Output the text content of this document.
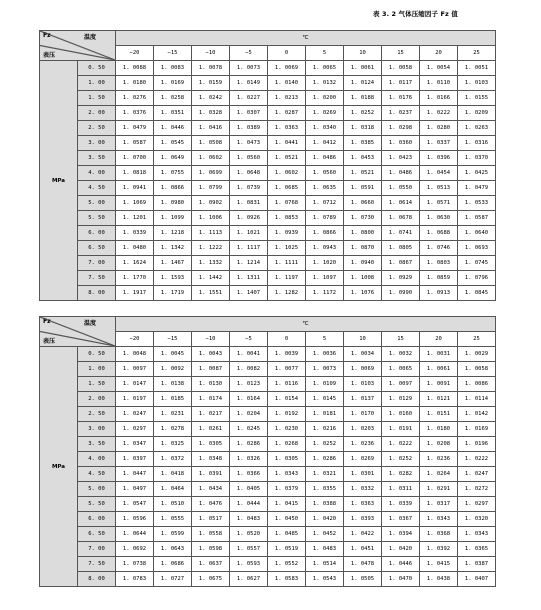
表 3. 2 气体压缩因子 Fz 值
Fz
表压
温度		℃									
		−20	−15	−10	−5	0	5	10	15	20	25
MPa	0. 50	1. 0088	1. 0083	1. 0078	1. 0073	1. 0069	1. 0065	1. 0061	1. 0058	1. 0054	1. 0051
	1. 00	1. 0180	1. 0169	1. 0159	1. 0149	1. 0140	1. 0132	1. 0124	1. 0117	1. 0110	1. 0103
	1. 50	1. 0276	1. 0258	1. 0242	1. 0227	1. 0213	1. 0200	1. 0188	1. 0176	1. 0166	1. 0155
	2. 00	1. 0376	1. 0351	1. 0328	1. 0307	1. 0287	1. 0269	1. 0252	1. 0237	1. 0222	1. 0209
	2. 50	1. 0479	1. 0446	1. 0416	1. 0389	1. 0363	1. 0340	1. 0318	1. 0298	1. 0280	1. 0263
	3. 00	1. 0587	1. 0545	1. 0508	1. 0473	1. 0441	1. 0412	1. 0385	1. 0360	1. 0337	1. 0316
	3. 50	1. 0700	1. 0649	1. 0602	1. 0560	1. 0521	1. 0486	1. 0453	1. 0423	1. 0396	1. 0370
	4. 00	1. 0818	1. 0755	1. 0699	1. 0648	1. 0602	1. 0560	1. 0521	1. 0486	1. 0454	1. 0425
	4. 50	1. 0941	1. 0866	1. 0799	1. 0739	1. 0685	1. 0635	1. 0591	1. 0550	1. 0513	1. 0479
	5. 00	1. 1069	1. 0980	1. 0902	1. 0831	1. 0768	1. 0712	1. 0660	1. 0614	1. 0571	1. 0533
	5. 50	1. 1201	1. 1099	1. 1006	1. 0926	1. 0853	1. 0789	1. 0730	1. 0678	1. 0630	1. 0587
	6. 00	1. 0339	1. 1218	1. 1113	1. 1021	1. 0939	1. 0866	1. 0800	1. 0741	1. 0688	1. 0640
	6. 50	1. 0480	1. 1342	1. 1222	1. 1117	1. 1025	1. 0943	1. 0870	1. 0805	1. 0746	1. 0693
	7. 00	1. 1624	1. 1467	1. 1332	1. 1214	1. 1111	1. 1020	1. 0940	1. 0867	1. 0803	1. 0745
	7. 50	1. 1770	1. 1593	1. 1442	1. 1311	1. 1197	1. 1097	1. 1008	1. 0929	1. 0859	1. 0796
	8. 00	1. 1917	1. 1719	1. 1551	1. 1407	1. 1282	1. 1172	1. 1076	1. 0990	1. 0913	1. 0845
Fz
表压
温度		℃									
		−20	−15	−10	−5	0	5	10	15	20	25
MPa	0. 50	1. 0048	1. 0045	1. 0043	1. 0041	1. 0039	1. 0036	1. 0034	1. 0032	1. 0031	1. 0029
	1. 00	1. 0097	1. 0092	1. 0087	1. 0082	1. 0077	1. 0073	1. 0069	1. 0065	1. 0061	1. 0058
	1. 50	1. 0147	1. 0138	1. 0130	1. 0123	1. 0116	1. 0109	1. 0103	1. 0097	1. 0091	1. 0086
	2. 00	1. 0197	1. 0185	1. 0174	1. 0164	1. 0154	1. 0145	1. 0137	1. 0129	1. 0121	1. 0114
	2. 50	1. 0247	1. 0231	1. 0217	1. 0204	1. 0192	1. 0181	1. 0170	1. 0160	1. 0151	1. 0142
	3. 00	1. 0297	1. 0278	1. 0261	1. 0245	1. 0230	1. 0216	1. 0203	1. 0191	1. 0180	1. 0169
	3. 50	1. 0347	1. 0325	1. 0305	1. 0286	1. 0268	1. 0252	1. 0236	1. 0222	1. 0208	1. 0196
	4. 00	1. 0397	1. 0372	1. 0348	1. 0326	1. 0305	1. 0286	1. 0269	1. 0252	1. 0236	1. 0222
	4. 50	1. 0447	1. 0418	1. 0391	1. 0366	1. 0343	1. 0321	1. 0301	1. 0282	1. 0264	1. 0247
	5. 00	1. 0497	1. 0464	1. 0434	1. 0405	1. 0379	1. 0355	1. 0332	1. 0311	1. 0291	1. 0272
	5. 50	1. 0547	1. 0510	1. 0476	1. 0444	1. 0415	1. 0388	1. 0363	1. 0339	1. 0317	1. 0297
	6. 00	1. 0596	1. 0555	1. 0517	1. 0483	1. 0450	1. 0420	1. 0393	1. 0367	1. 0343	1. 0320
	6. 50	1. 0644	1. 0599	1. 0558	1. 0520	1. 0485	1. 0452	1. 0422	1. 0394	1. 0368	1. 0343
	7. 00	1. 0692	1. 0643	1. 0598	1. 0557	1. 0519	1. 0483	1. 0451	1. 0420	1. 0392	1. 0365
	7. 50	1. 0738	1. 0686	1. 0637	1. 0593	1. 0552	1. 0514	1. 0478	1. 0446	1. 0415	1. 0387
	8. 00	1. 0783	1. 0727	1. 0675	1. 0627	1. 0583	1. 0543	1. 0505	1. 0470	1. 0438	1. 0407
